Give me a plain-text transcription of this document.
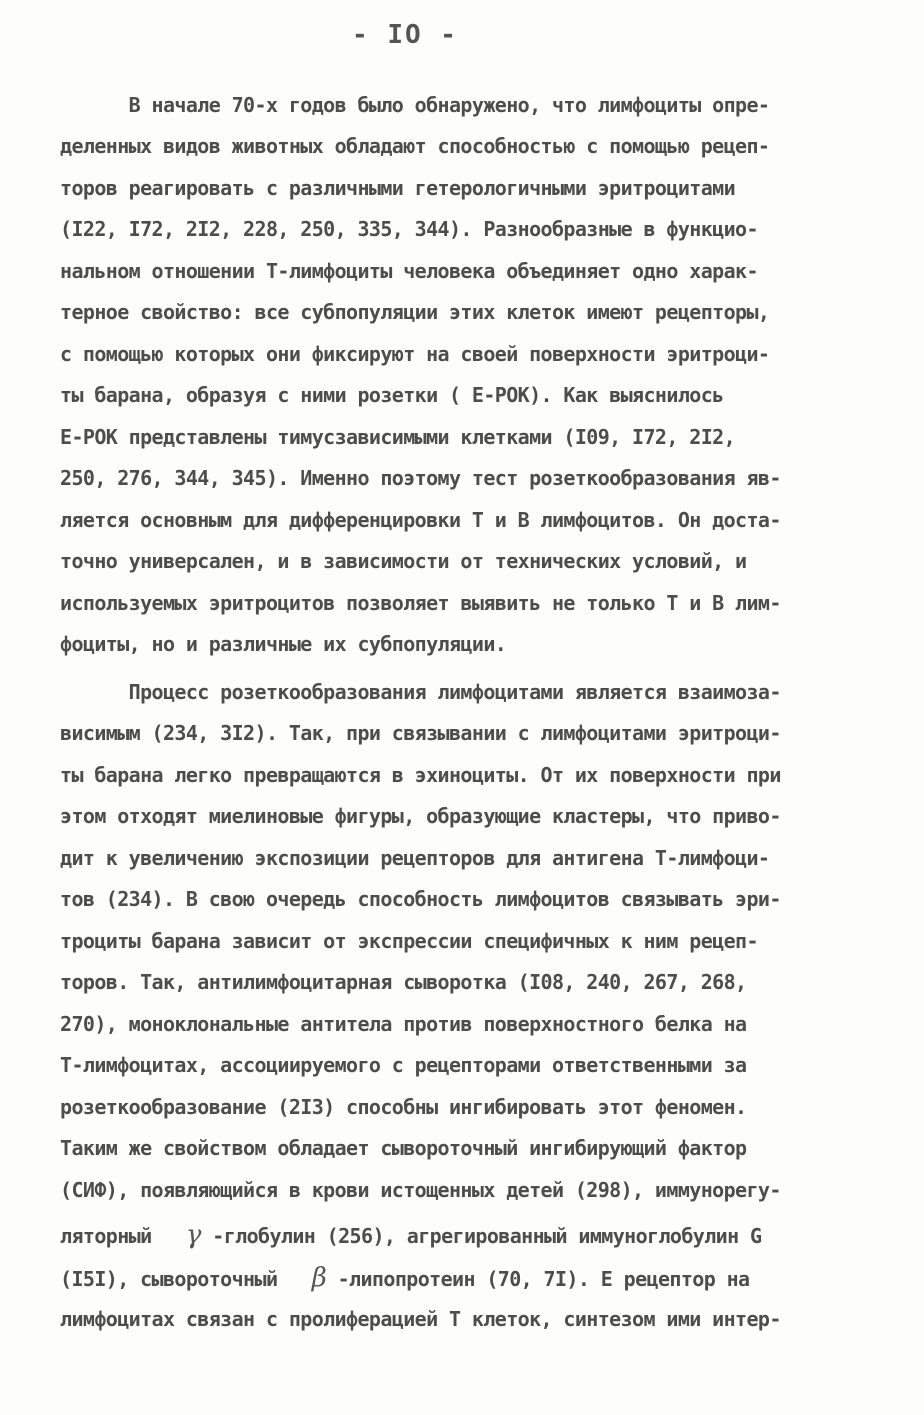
- IO -
В начале 70-х годов было обнаружено, что лимфоциты опре-
деленных видов животных обладают способностью с помощью рецеп-
торов реагировать с различными гетерологичными эритроцитами
(I22, I72, 2I2, 228, 250, 335, 344). Разнообразные в функцио-
нальном отношении Т-лимфоциты человека объединяет одно харак-
терное свойство: все субпопуляции этих клеток имеют рецепторы,
с помощью которых они фиксируют на своей поверхности эритроци-
ты барана, образуя с ними розетки ( Е-РОК). Как выяснилось
Е-РОК представлены тимусзависимыми клетками (I09, I72, 2I2,
250, 276, 344, 345). Именно поэтому тест розеткообразования яв-
ляется основным для дифференцировки Т и В лимфоцитов. Он доста-
точно универсален, и в зависимости от технических условий, и
используемых эритроцитов позволяет выявить не только Т и В лим-
фоциты, но и различные их субпопуляции.
Процесс розеткообразования лимфоцитами является взаимоза-
висимым (234, 3I2). Так, при связывании с лимфоцитами эритроци-
ты барана легко превращаются в эхиноциты. От их поверхности при
этом отходят миелиновые фигуры, образующие кластеры, что приво-
дит к увеличению экспозиции рецепторов для антигена Т-лимфоци-
тов (234). В свою очередь способность лимфоцитов связывать эри-
троциты барана зависит от экспрессии специфичных к ним рецеп-
торов. Так, антилимфоцитарная сыворотка (I08, 240, 267, 268,
270), моноклональные антитела против поверхностного белка на
Т-лимфоцитах, ассоциируемого с рецепторами ответственными за
розеткообразование (2I3) способны ингибировать этот феномен.
Таким же свойством обладает сывороточный ингибирующий фактор
(СИФ), появляющийся в крови истощенных детей (298), иммунорегу-
ляторный γ -глобулин (256), агрегированный иммуноглобулин G
(I5I), сывороточный β -липопротеин (70, 7I). Е рецептор на
лимфоцитах связан с пролиферацией Т клеток, синтезом ими интер-
